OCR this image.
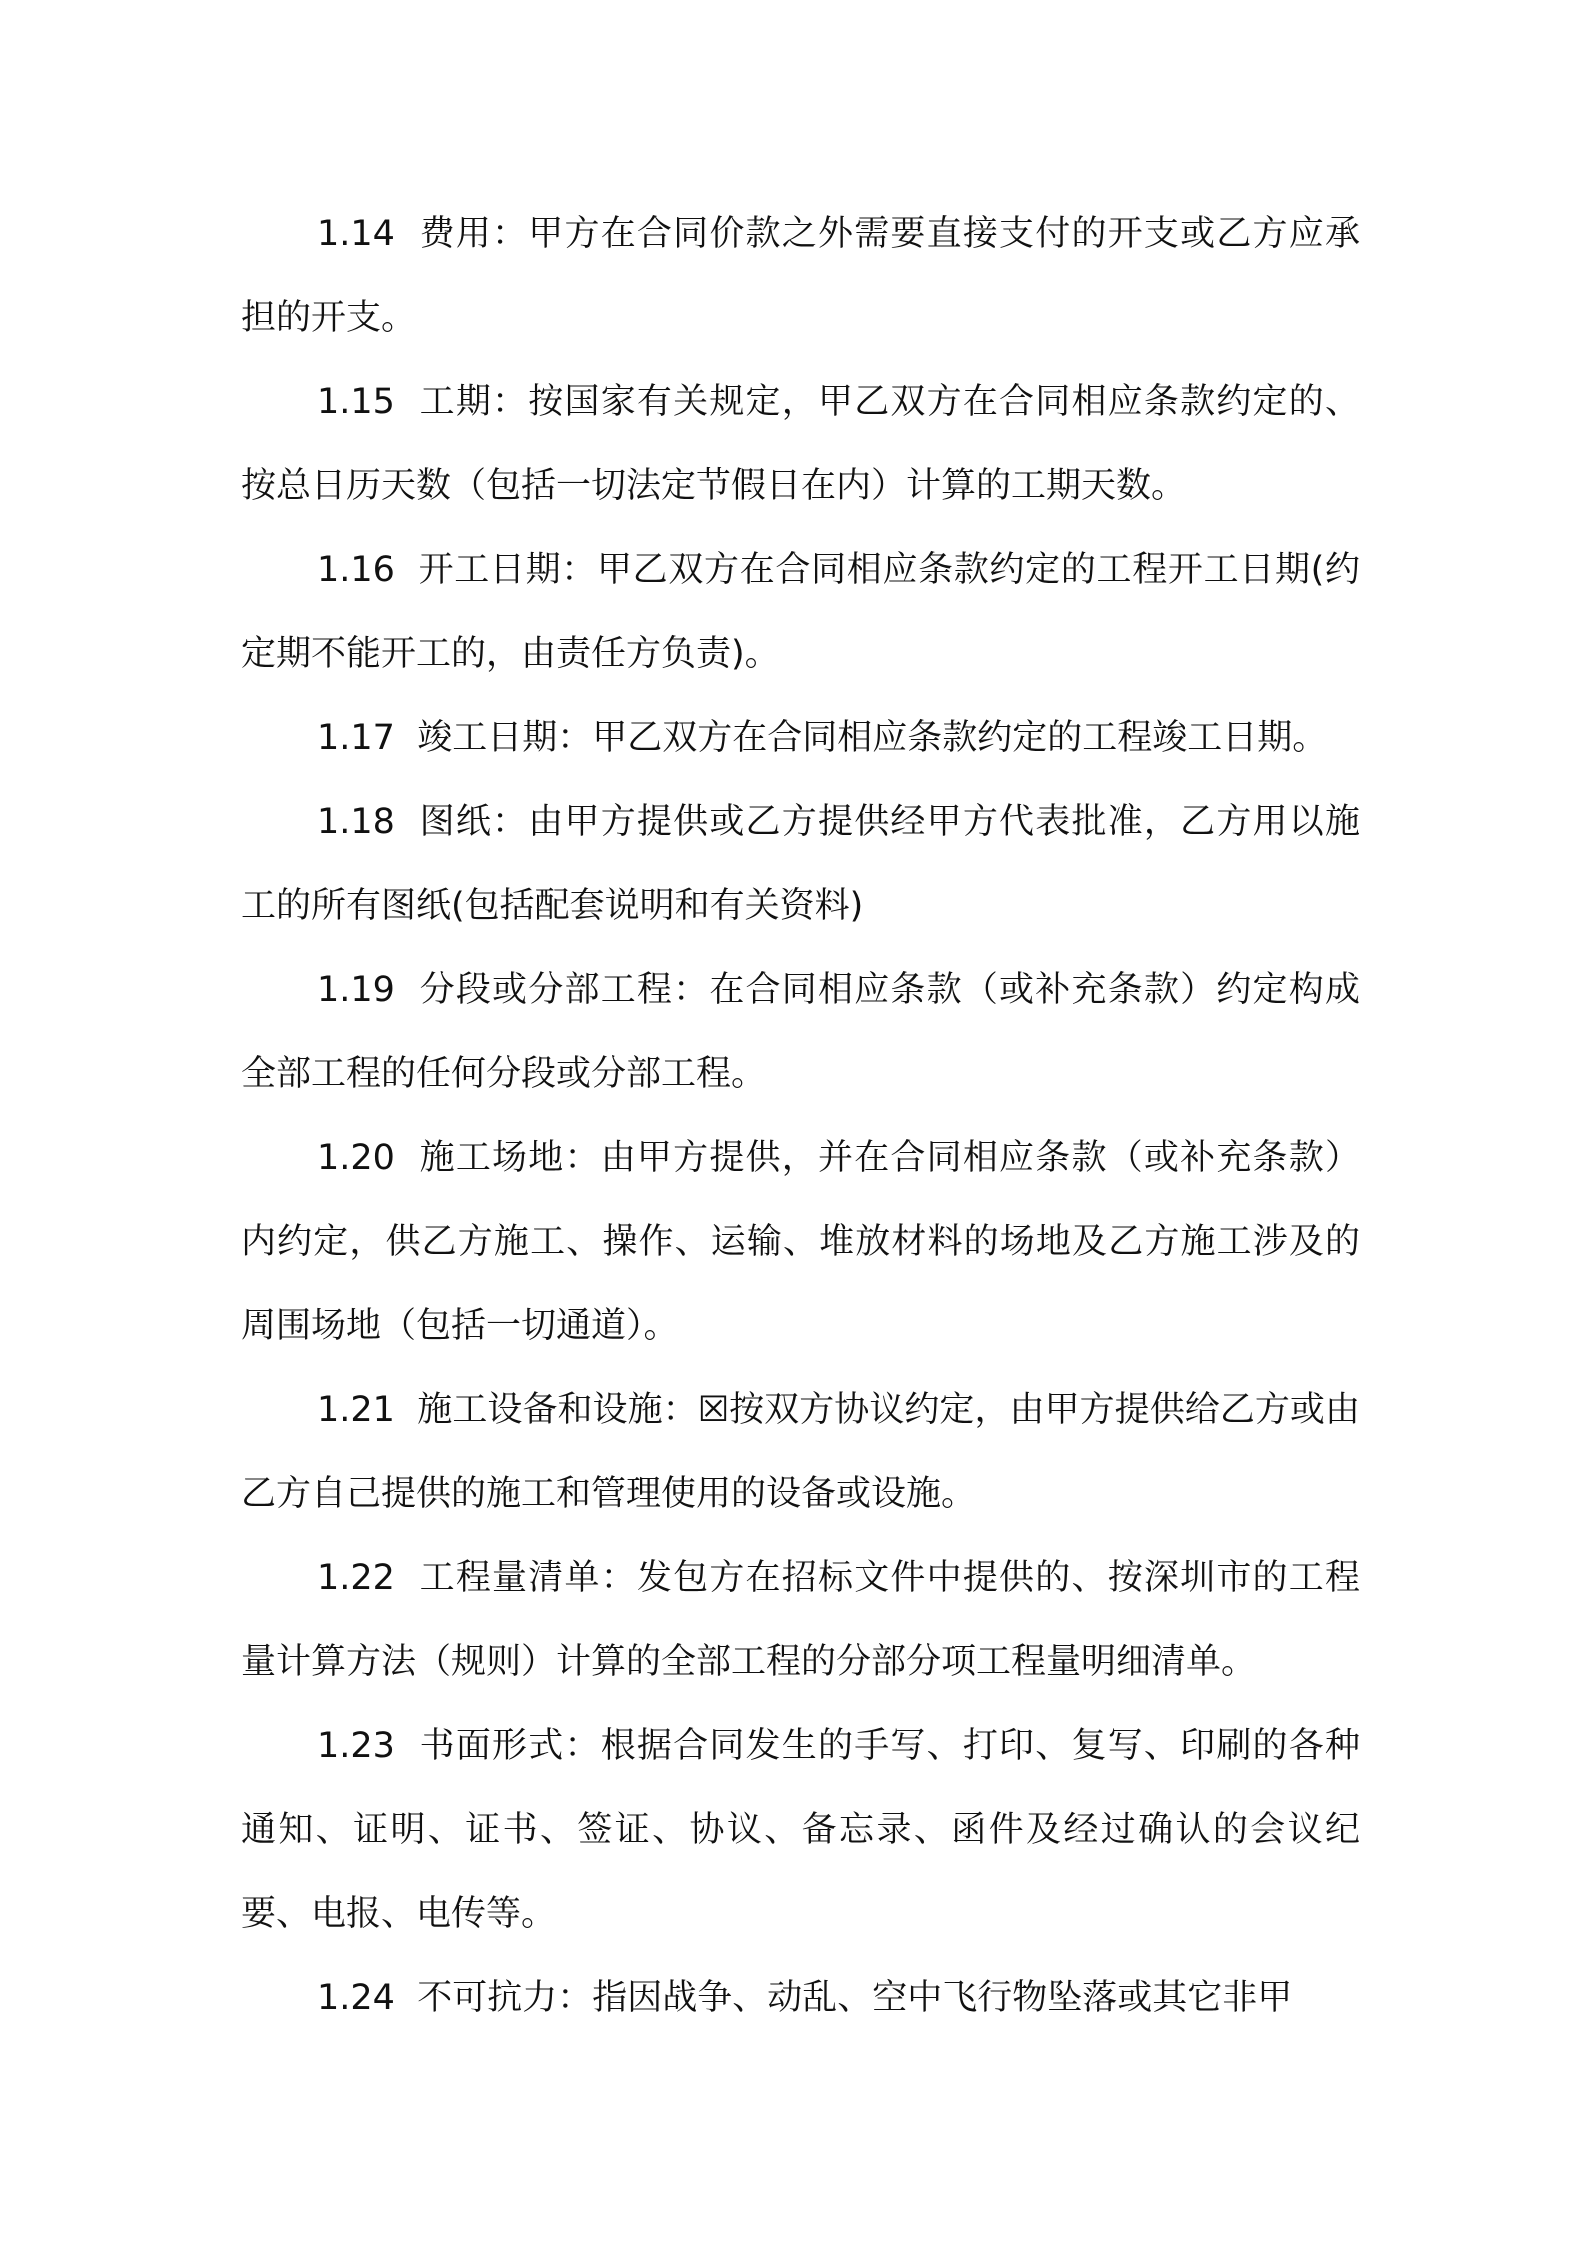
1.14 费用：甲方在合同价款之外需要直接支付的开支或乙方应承担的开支。

1.15 工期：按国家有关规定，甲乙双方在合同相应条款约定的、按总日历天数（包括一切法定节假日在内）计算的工期天数。

1.16 开工日期：甲乙双方在合同相应条款约定的工程开工日期(约定期不能开工的，由责任方负责)。

1.17 竣工日期：甲乙双方在合同相应条款约定的工程竣工日期。

1.18 图纸：由甲方提供或乙方提供经甲方代表批准，乙方用以施工的所有图纸(包括配套说明和有关资料)

1.19 分段或分部工程：在合同相应条款（或补充条款）约定构成全部工程的任何分段或分部工程。

1.20 施工场地：由甲方提供，并在合同相应条款（或补充条款）内约定，供乙方施工、操作、运输、堆放材料的场地及乙方施工涉及的周围场地（包括一切通道）。

1.21 施工设备和设施：☒按双方协议约定，由甲方提供给乙方或由乙方自己提供的施工和管理使用的设备或设施。

1.22 工程量清单：发包方在招标文件中提供的、按深圳市的工程量计算方法（规则）计算的全部工程的分部分项工程量明细清单。

1.23 书面形式：根据合同发生的手写、打印、复写、印刷的各种通知、证明、证书、签证、协议、备忘录、函件及经过确认的会议纪要、电报、电传等。

1.24 不可抗力：指因战争、动乱、空中飞行物坠落或其它非甲
